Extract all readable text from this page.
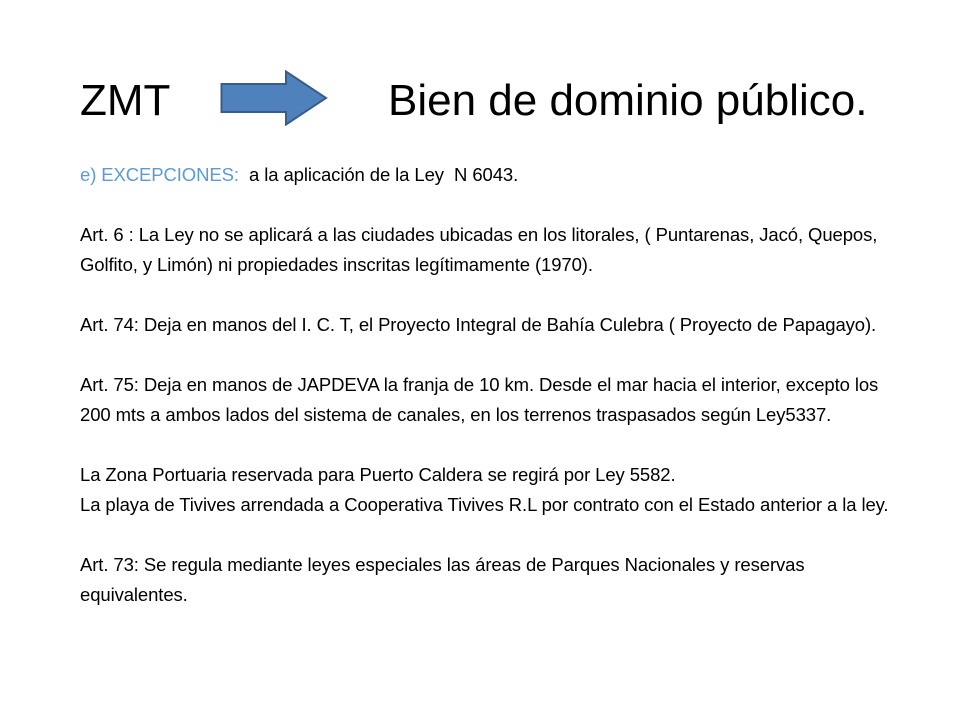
ZMT	Bien de dominio público.

e) EXCEPCIONES:  a la aplicación de la Ley  N 6043.

Art. 6 : La Ley no se aplicará a las ciudades ubicadas en los litorales, ( Puntarenas, Jacó, Quepos, Golfito, y Limón) ni propiedades inscritas legítimamente (1970).

Art. 74: Deja en manos del I. C. T, el Proyecto Integral de Bahía Culebra ( Proyecto de Papagayo).

Art. 75: Deja en manos de JAPDEVA la franja de 10 km. Desde el mar hacia el interior, excepto los 200 mts a ambos lados del sistema de canales, en los terrenos traspasados según Ley5337.

La Zona Portuaria reservada para Puerto Caldera se regirá por Ley 5582.

La playa de Tivives arrendada a Cooperativa Tivives R.L por contrato con el Estado anterior a la ley.

Art. 73: Se regula mediante leyes especiales las áreas de Parques Nacionales y reservas equivalentes.
